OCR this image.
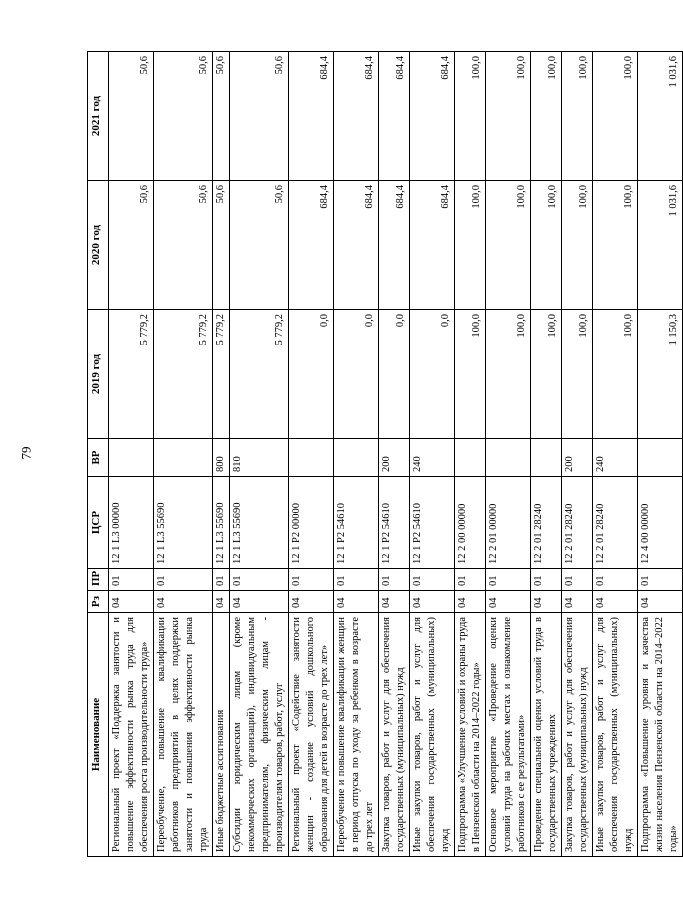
79
Наименование	Рз	ПР	ЦСР	ВР	2019 год	2020 год	2021 год
Региональный проект «Поддержка занятости и повышение эффективности рынка труда для обеспечения роста производительности труда»	04	01	12 1 L3 00000		5 779,2	50,6	50,6
Переобучение, повышение квалификации работников предприятий в целях поддержки занятости и повышения эффективности рынка труда	04	01	12 1 L3 55690		5 779,2	50,6	50,6
Иные бюджетные ассигнования	04	01	12 1 L3 55690	800	5 779,2	50,6	50,6
Субсидии юридическим лицам (кроме некоммерческих организаций), индивидуальным предпринимателям, физическим лицам - производителям товаров, работ, услуг	04	01	12 1 L3 55690	810	5 779,2	50,6	50,6
Региональный проект «Содействие занятости женщин - создание условий дошкольного образования для детей в возрасте до трех лет»	04	01	12 1 P2 00000		0,0	684,4	684,4
Переобучение и повышение квалификации женщин в период отпуска по уходу за ребенком в возрасте до трех лет	04	01	12 1 P2 54610		0,0	684,4	684,4
Закупка товаров, работ и услуг для обеспечения государственных (муниципальных) нужд	04	01	12 1 P2 54610	200	0,0	684,4	684,4
Иные закупки товаров, работ и услуг для обеспечения государственных (муниципальных) нужд	04	01	12 1 P2 54610	240	0,0	684,4	684,4
Подпрограмма «Улучшение условий и охраны труда в Пензенской области на 2014–2022 годы»	04	01	12 2 00 00000		100,0	100,0	100,0
Основное мероприятие «Проведение оценки условий труда на рабочих местах и ознакомление работников с ее результатами»	04	01	12 2 01 00000		100,0	100,0	100,0
Проведение специальной оценки условий труда в государственных учреждениях	04	01	12 2 01 28240		100,0	100,0	100,0
Закупка товаров, работ и услуг для обеспечения государственных (муниципальных) нужд	04	01	12 2 01 28240	200	100,0	100,0	100,0
Иные закупки товаров, работ и услуг для обеспечения государственных (муниципальных) нужд	04	01	12 2 01 28240	240	100,0	100,0	100,0
Подпрограмма «Повышение уровня и качества жизни населения Пензенской области на 2014–2022 годы»	04	01	12 4 00 00000		1 150,3	1 031,6	1 031,6
